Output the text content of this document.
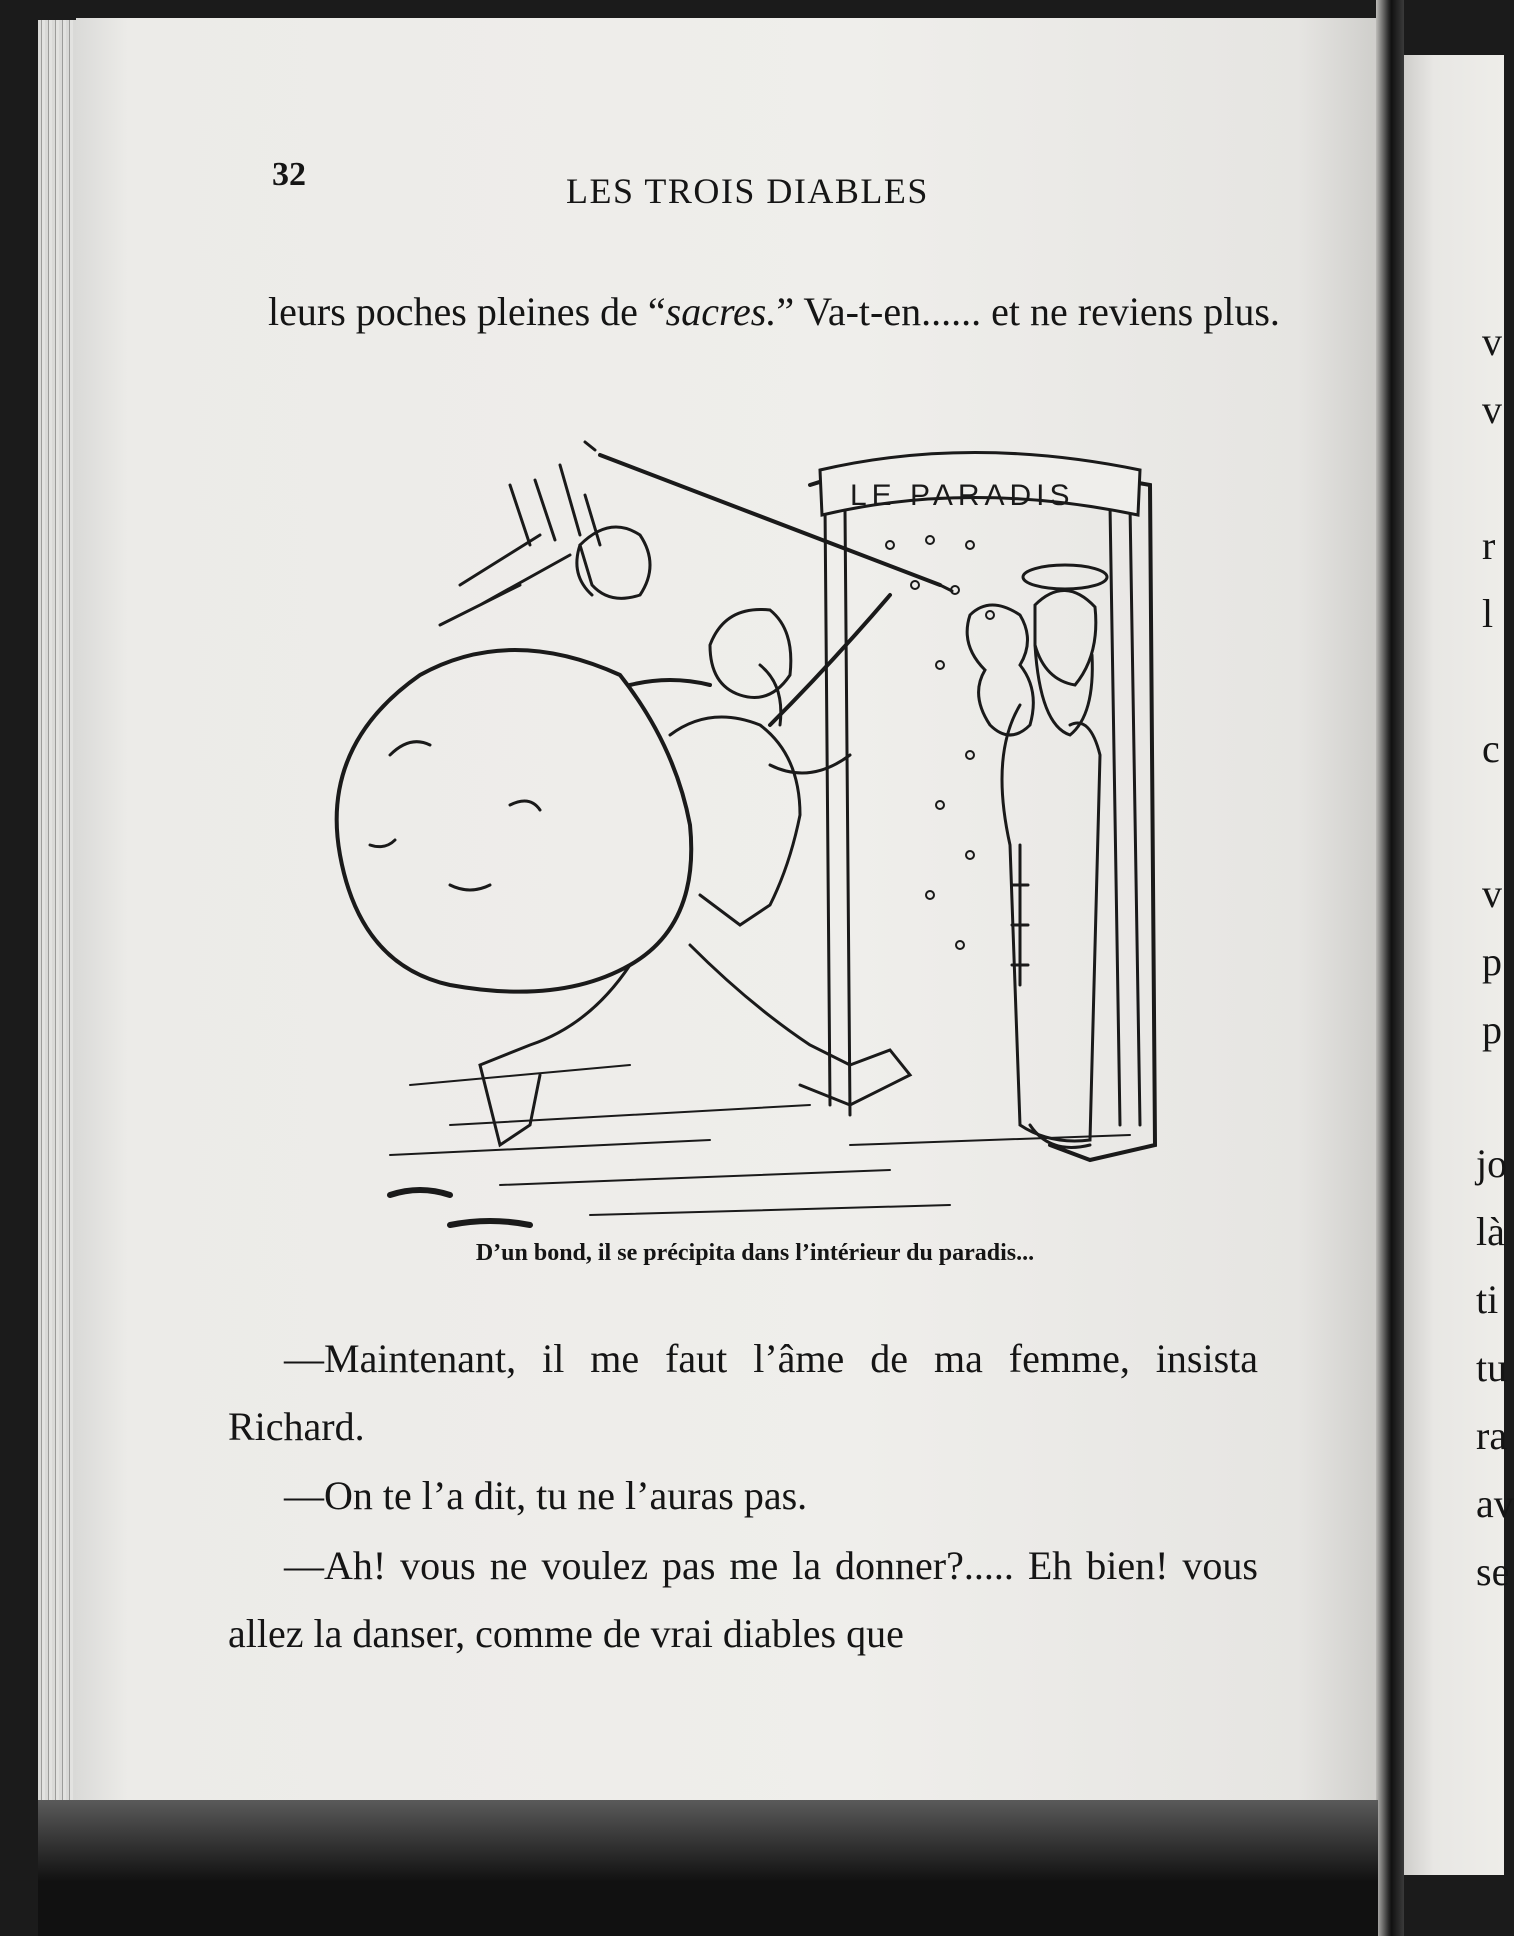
32	LES TROIS DIABLES

leurs poches pleines de “sacres.” Va-t-en...... et ne reviens plus.

LE PARADIS
D’un bond, il se précipita dans l’intérieur du paradis...

—Maintenant, il me faut l’âme de ma femme, insista Richard.

—On te l’a dit, tu ne l’auras pas.

—Ah! vous ne voulez pas me la donner?..... Eh bien! vous allez la danser, comme de vrai diables que

v
v
r
l
c
v
p
p
jo
là
ti
tu
ra
av
se
